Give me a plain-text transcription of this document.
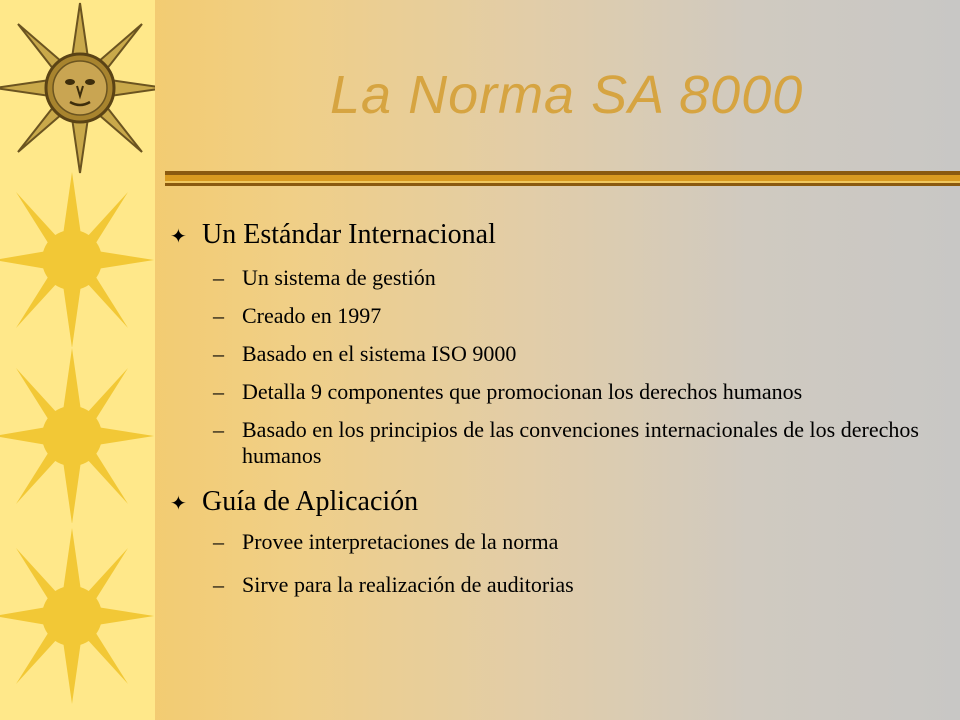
La Norma SA 8000
✦ Un Estándar Internacional
– Un sistema de gestión
– Creado en 1997
– Basado en el sistema ISO 9000
– Detalla 9 componentes que promocionan los derechos humanos
– Basado en los principios de las convenciones internacionales de los derechos humanos
✦ Guía de Aplicación
– Provee interpretaciones de la norma
– Sirve para la realización de auditorias
